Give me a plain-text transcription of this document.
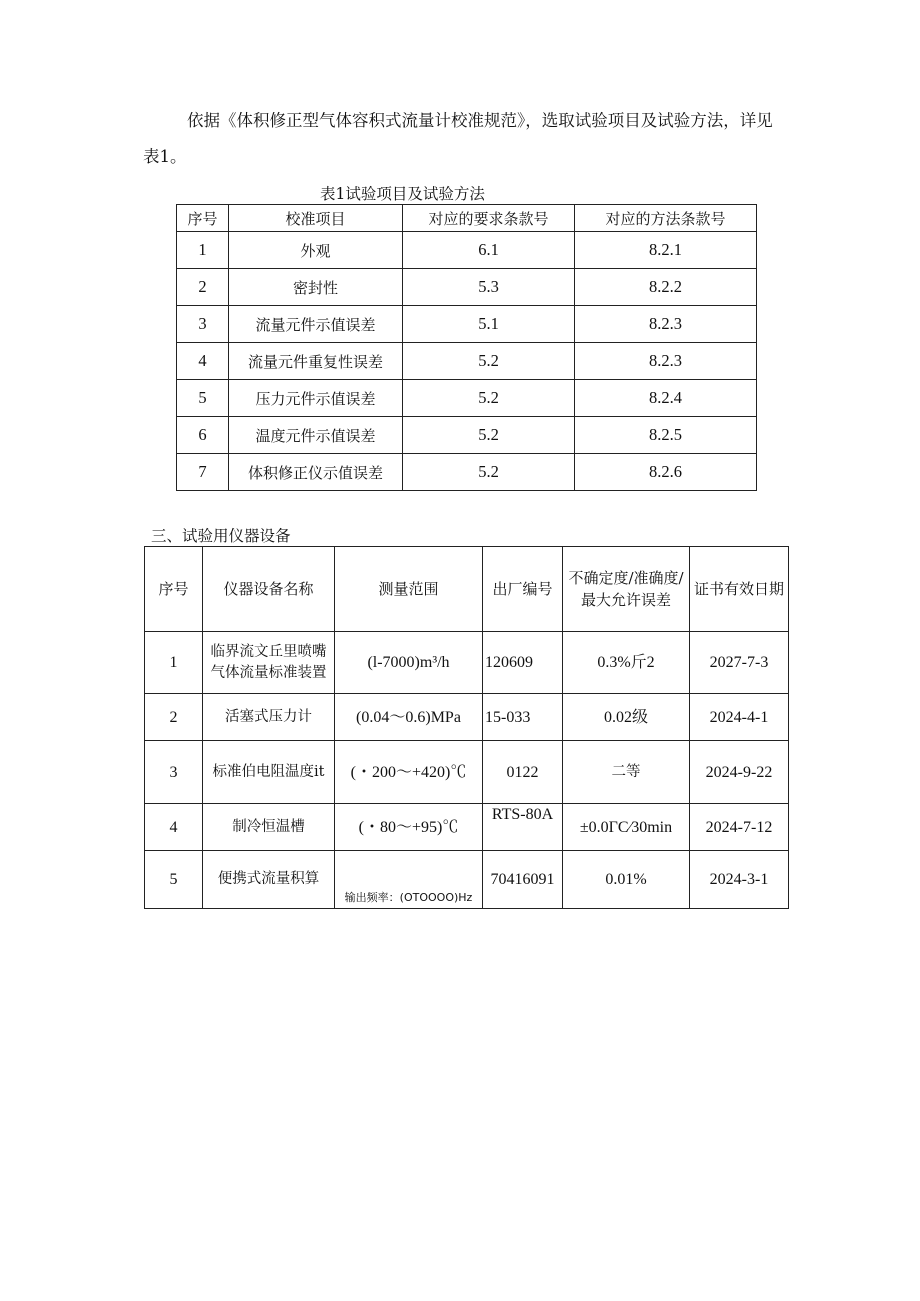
依据《体积修正型气体容积式流量计校准规范》，选取试验项目及试验方法，详见表1。

表1试验项目及试验方法
序号	校准项目	对应的要求条款号	对应的方法条款号
1	外观	6.1	8.2.1
2	密封性	5.3	8.2.2
3	流量元件示值误差	5.1	8.2.3
4	流量元件重复性误差	5.2	8.2.3
5	压力元件示值误差	5.2	8.2.4
6	温度元件示值误差	5.2	8.2.5
7	体积修正仪示值误差	5.2	8.2.6
三、试验用仪器设备
序号	仪器设备名称	测量范围	出厂编号	不确定度/准确度/最大允许误差	证书有效日期
1	临界流文丘里喷嘴气体流量标准装置	(l-7000)m³/h	120609	0.3%斤2	2027-7-3
2	活塞式压力计	(0.04～0.6)MPa	15-033	0.02级	2024-4-1
3	标准伯电阻温度it	(・200～+420)℃	0122	二等	2024-9-22
4	制冷恒温槽	(・80～+95)℃	RTS-80A	±0.0ΓC∕30min	2024-7-12
5	便携式流量积算	输出频率：(OTOOOO)Hz	70416091	0.01%	2024-3-1
